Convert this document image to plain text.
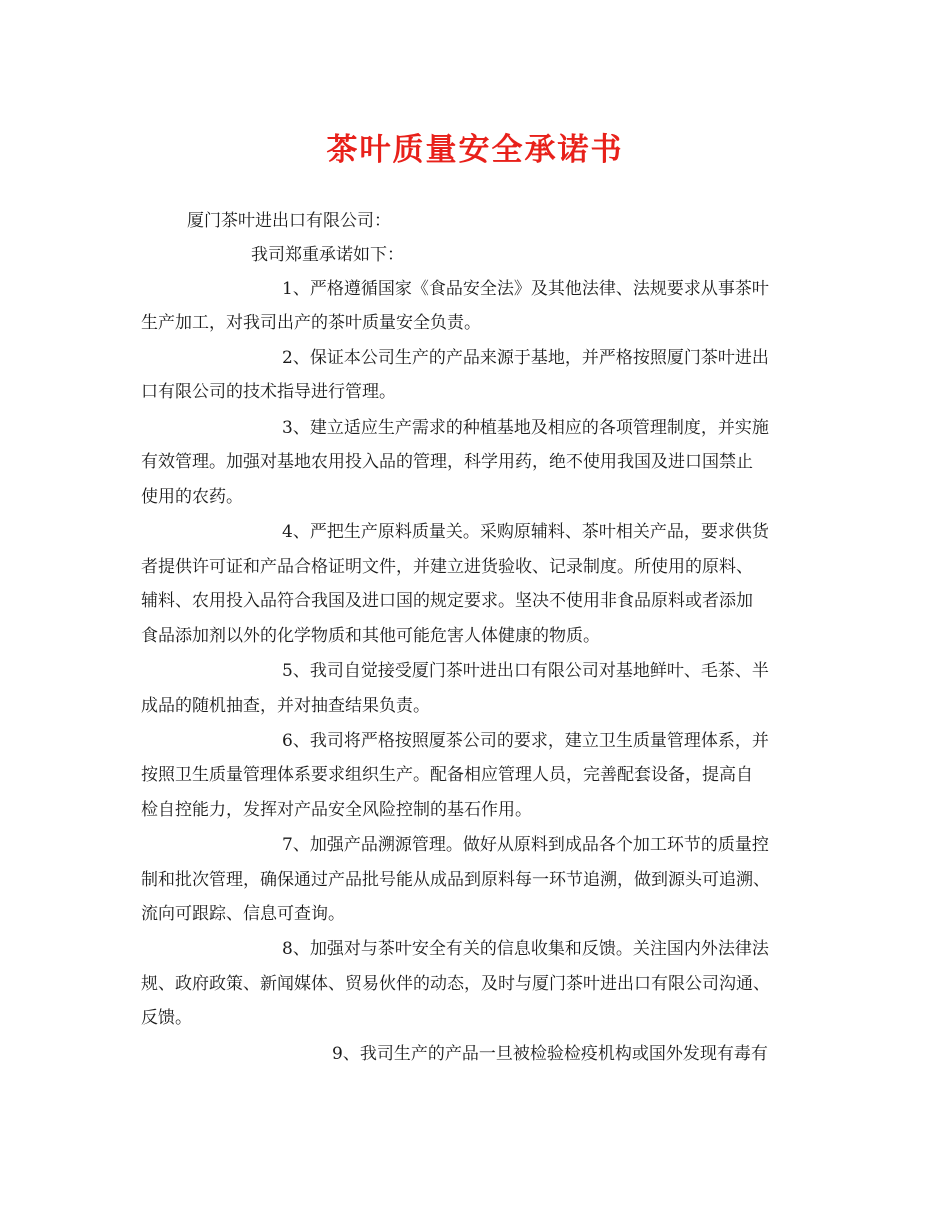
茶叶质量安全承诺书

厦门茶叶进出口有限公司：

我司郑重承诺如下：

1、严格遵循国家《食品安全法》及其他法律、法规要求从事茶叶

生产加工，对我司出产的茶叶质量安全负责。

2、保证本公司生产的产品来源于基地，并严格按照厦门茶叶进出

口有限公司的技术指导进行管理。

3、建立适应生产需求的种植基地及相应的各项管理制度，并实施

有效管理。加强对基地农用投入品的管理，科学用药，绝不使用我国及进口国禁止

使用的农药。

4、严把生产原料质量关。采购原辅料、茶叶相关产品，要求供货

者提供许可证和产品合格证明文件，并建立进货验收、记录制度。所使用的原料、

辅料、农用投入品符合我国及进口国的规定要求。坚决不使用非食品原料或者添加

食品添加剂以外的化学物质和其他可能危害人体健康的物质。

5、我司自觉接受厦门茶叶进出口有限公司对基地鲜叶、毛茶、半

成品的随机抽查，并对抽查结果负责。

6、我司将严格按照厦茶公司的要求，建立卫生质量管理体系，并

按照卫生质量管理体系要求组织生产。配备相应管理人员，完善配套设备，提高自

检自控能力，发挥对产品安全风险控制的基石作用。

7、加强产品溯源管理。做好从原料到成品各个加工环节的质量控

制和批次管理，确保通过产品批号能从成品到原料每一环节追溯，做到源头可追溯、

流向可跟踪、信息可查询。

8、加强对与茶叶安全有关的信息收集和反馈。关注国内外法律法

规、政府政策、新闻媒体、贸易伙伴的动态，及时与厦门茶叶进出口有限公司沟通、

反馈。

9、我司生产的产品一旦被检验检疫机构或国外发现有毒有
